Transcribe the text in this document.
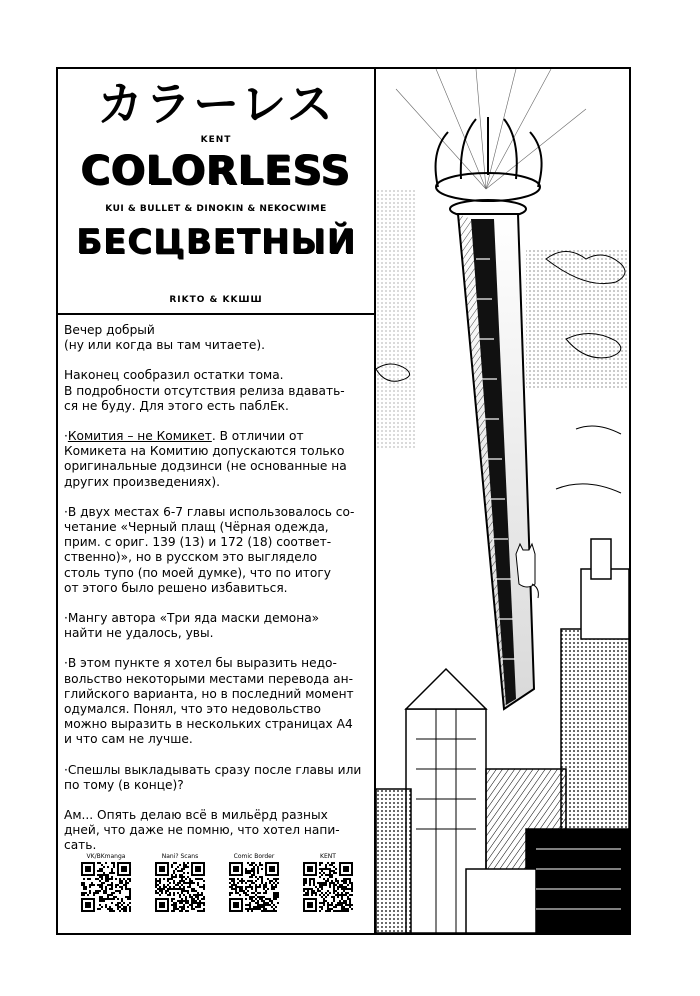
カラーレス
KENT
COLORLESS
KUI & BULLET & DINOKIN & NEKOCWIME
БЕСЦВЕТНЫЙ
RIKTO & KKШШ

Вечер добрый
(ну или когда вы там читаете).

Наконец сообразил остатки тома.
В подробности отсутствия релиза вдавать-
ся не буду. Для этого есть паблЕк.

·Комития – не Комикет. В отличии от
Комикета на Комитию допускаются только
оригинальные додзинси (не основанные на
других произведениях).

·В двух местах 6-7 главы использовалось со-
четание «Черный плащ (Чёрная одежда,
прим. с ориг. 139 (13) и 172 (18) соответ-
ственно)», но в русском это выглядело
столь тупо (по моей думке), что по итогу
от этого было решено избавиться.

·Мангу автора «Три яда маски демона»
найти не удалось, увы.

·В этом пункте я хотел бы выразить недо-
вольство некоторыми местами перевода ан-
глийского варианта, но в последний момент
одумался. Понял, что это недовольство
можно выразить в нескольких страницах А4
и что сам не лучше.

·Спешлы выкладывать сразу после главы или
по тому (в конце)?

Ам... Опять делаю всё в мильёрд разных
дней, что даже не помню, что хотел напи-
сать.

VK/BKmanga	Nani? Scans	Comic Border	KENT
